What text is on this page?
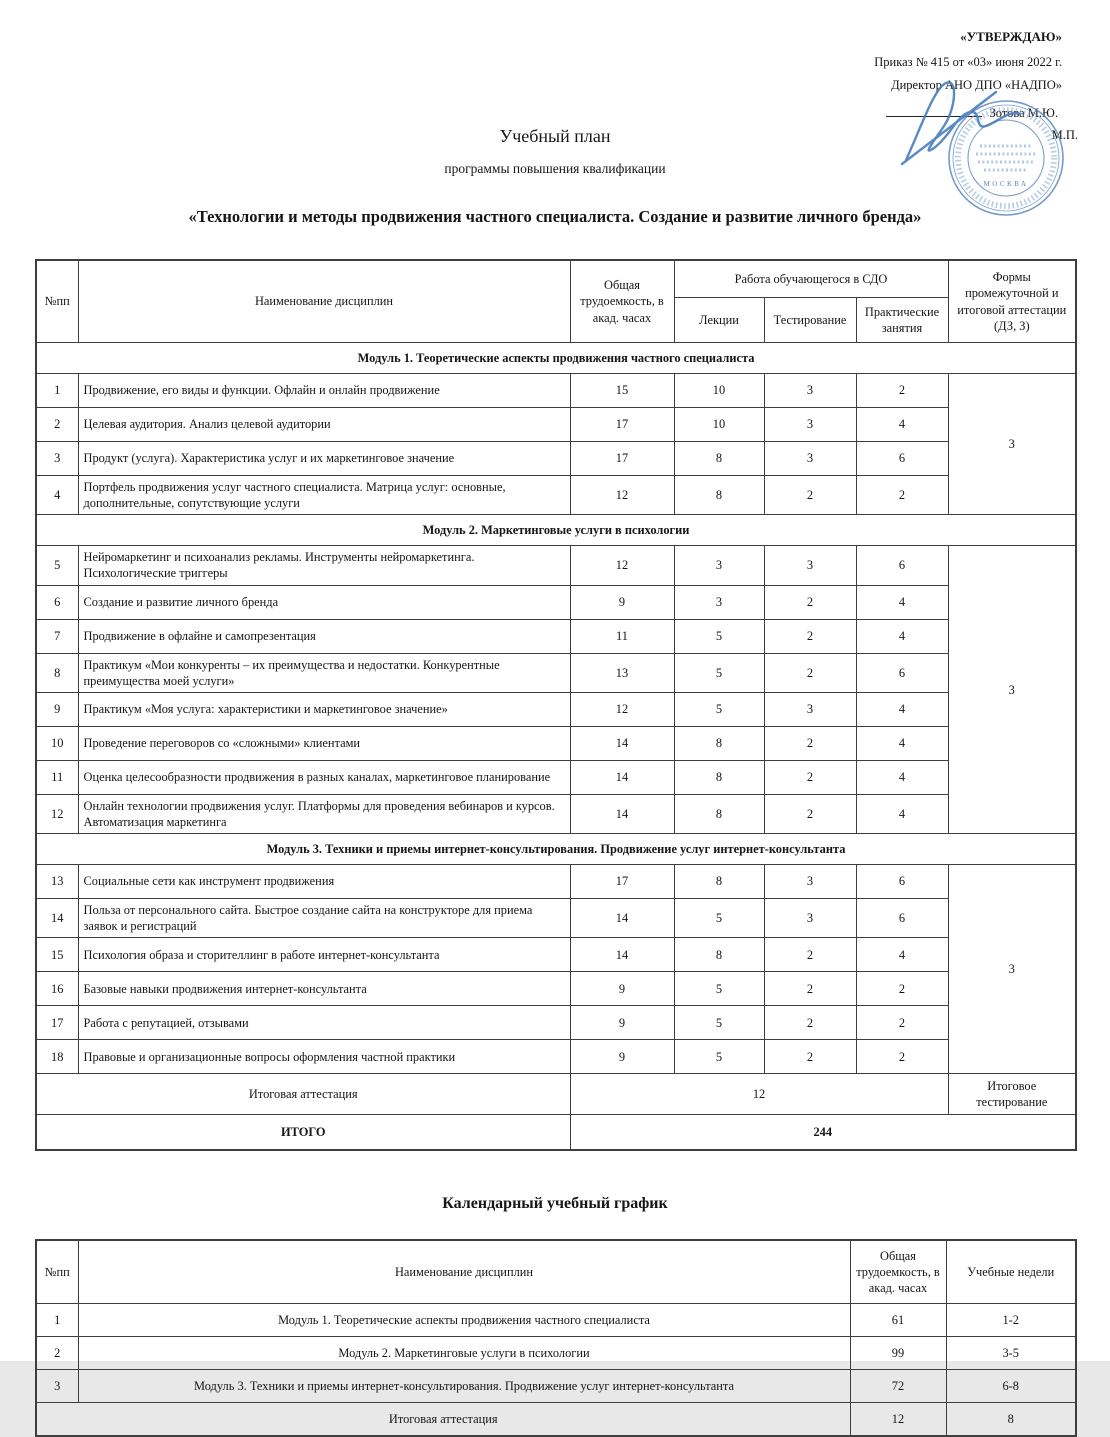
«УТВЕРЖДАЮ»
Приказ № 415 от «03» июня 2022 г.
Директор АНО ДПО «НАДПО»
Зотова М.Ю.
М.П.
МОСКВА
Учебный план
программы повышения квалификации
«Технологии и методы продвижения частного специалиста. Создание и развитие личного бренда»
№пп	Наименование дисциплин	Общая трудоемкость, в акад. часах	Работа обучающегося в СДО			Формы промежуточной и итоговой аттестации (ДЗ, З)
			Лекции	Тестирование	Практические занятия	
Модуль 1. Теоретические аспекты продвижения частного специалиста						
1	Продвижение, его виды и функции. Офлайн и онлайн продвижение	15	10	3	2	3
2	Целевая аудитория. Анализ целевой аудитории	17	10	3	4	
3	Продукт (услуга). Характеристика услуг и их маркетинговое значение	17	8	3	6	
4	Портфель продвижения услуг частного специалиста. Матрица услуг: основные, дополнительные, сопутствующие услуги	12	8	2	2	
Модуль 2. Маркетинговые услуги в психологии						
5	Нейромаркетинг и психоанализ рекламы. Инструменты нейромаркетинга. Психологические триггеры	12	3	3	6	3
6	Создание и развитие личного бренда	9	3	2	4	
7	Продвижение в офлайне и самопрезентация	11	5	2	4	
8	Практикум «Мои конкуренты – их преимущества и недостатки. Конкурентные преимущества моей услуги»	13	5	2	6	
9	Практикум «Моя услуга: характеристики и маркетинговое значение»	12	5	3	4	
10	Проведение переговоров со «сложными» клиентами	14	8	2	4	
11	Оценка целесообразности продвижения в разных каналах, маркетинговое планирование	14	8	2	4	
12	Онлайн технологии продвижения услуг. Платформы для проведения вебинаров и курсов. Автоматизация маркетинга	14	8	2	4	
Модуль 3. Техники и приемы интернет-консультирования. Продвижение услуг интернет-консультанта						
13	Социальные сети как инструмент продвижения	17	8	3	6	3
14	Польза от персонального сайта. Быстрое создание сайта на конструкторе для приема заявок и регистраций	14	5	3	6	
15	Психология образа и сторителлинг в работе интернет-консультанта	14	8	2	4	
16	Базовые навыки продвижения интернет-консультанта	9	5	2	2	
17	Работа с репутацией, отзывами	9	5	2	2	
18	Правовые и организационные вопросы оформления частной практики	9	5	2	2	
Итоговая аттестация		12				Итоговое тестирование
ИТОГО		244				
Календарный учебный график
№пп	Наименование дисциплин	Общая трудоемкость, в акад. часах	Учебные недели
1	Модуль 1. Теоретические аспекты продвижения частного специалиста	61	1-2
2	Модуль 2. Маркетинговые услуги в психологии	99	3-5
3	Модуль 3. Техники и приемы интернет-консультирования. Продвижение услуг интернет-консультанта	72	6-8
Итоговая аттестация		12	8
